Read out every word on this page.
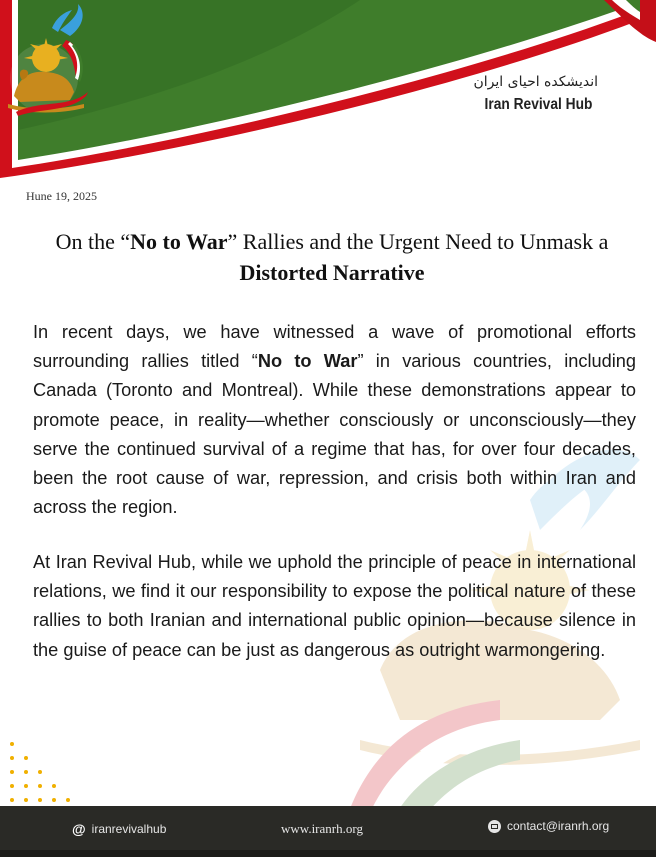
اندیشکده احیای ایران
Iran Revival Hub
Hune 19, 2025
On the “No to War” Rallies and the Urgent Need to Unmask a
Distorted Narrative
In recent days, we have witnessed a wave of promotional efforts surrounding rallies titled “No to War” in various countries, including Canada (Toronto and Montreal). While these demonstrations appear to promote peace, in reality—whether consciously or unconsciously—they serve the continued survival of a regime that has, for over four decades, been the root cause of war, repression, and crisis both within Iran and across the region.
At Iran Revival Hub, while we uphold the principle of peace in international relations, we find it our responsibility to expose the political nature of these rallies to both Iranian and international public opinion—because silence in the guise of peace can be just as dangerous as outright warmongering.
@ iranrevivalhub	www.iranrh.org	contact@iranrh.org
